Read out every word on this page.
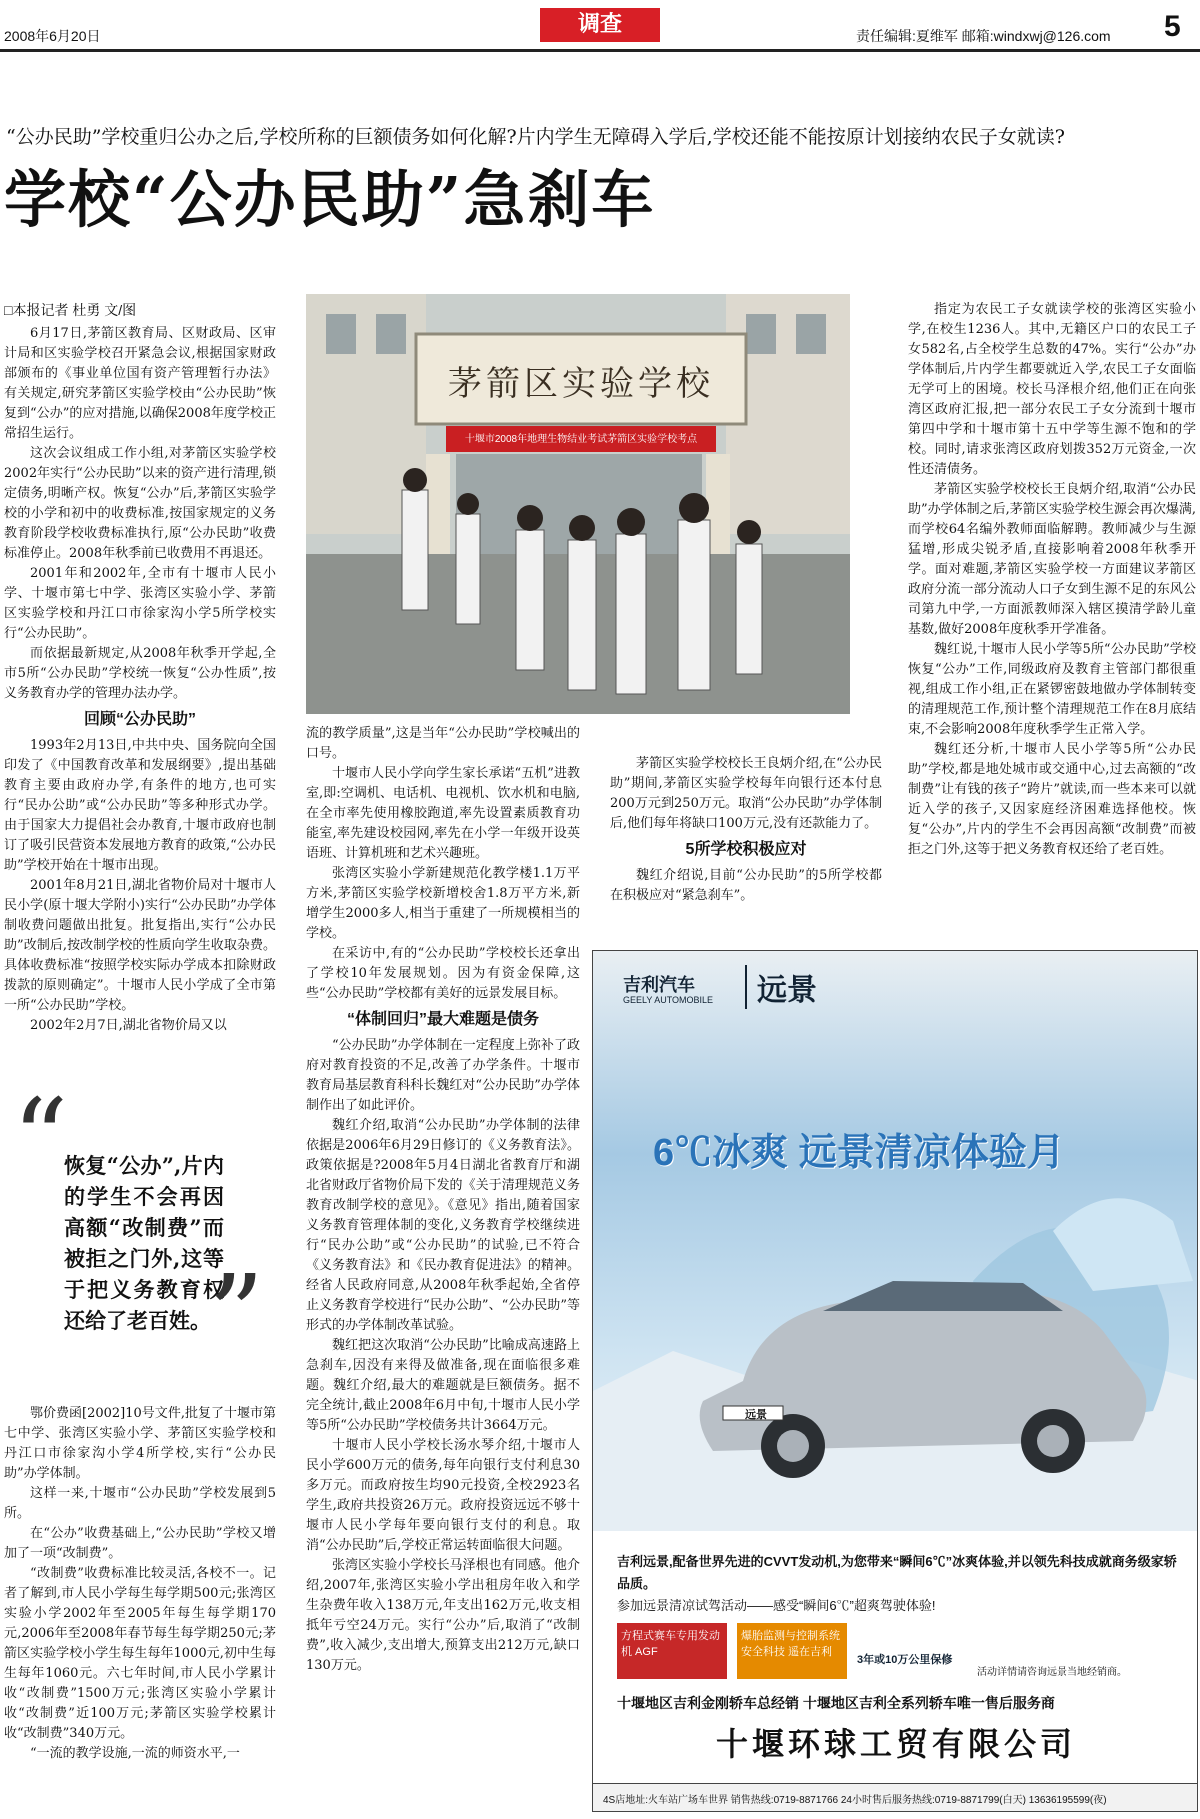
2008年6月20日	调查	责任编辑:夏维军 邮箱:windxwj@126.com 5
“公办民助”学校重归公办之后,学校所称的巨额债务如何化解?片内学生无障碍入学后,学校还能不能按原计划接纳农民子女就读?
学校“公办民助”急刹车

□本报记者 杜勇 文/图

6月17日,茅箭区教育局、区财政局、区审计局和区实验学校召开紧急会议,根据国家财政部颁布的《事业单位国有资产管理暂行办法》有关规定,研究茅箭区实验学校由“公办民助”恢复到“公办”的应对措施,以确保2008年度学校正常招生运行。

这次会议组成工作小组,对茅箭区实验学校2002年实行“公办民助”以来的资产进行清理,锁定债务,明晰产权。恢复“公办”后,茅箭区实验学校的小学和初中的收费标准,按国家规定的义务教育阶段学校收费标准执行,原“公办民助”收费标准停止。2008年秋季前已收费用不再退还。

2001年和2002年,全市有十堰市人民小学、十堰市第七中学、张湾区实验小学、茅箭区实验学校和丹江口市徐家沟小学5所学校实行“公办民助”。

而依据最新规定,从2008年秋季开学起,全市5所“公办民助”学校统一恢复“公办性质”,按义务教育办学的管理办法办学。

回顾“公办民助”

1993年2月13日,中共中央、国务院向全国印发了《中国教育改革和发展纲要》,提出基础教育主要由政府办学,有条件的地方,也可实行“民办公助”或“公办民助”等多种形式办学。由于国家大力提倡社会办教育,十堰市政府也制订了吸引民营资本发展地方教育的政策,“公办民助”学校开始在十堰市出现。

2001年8月21日,湖北省物价局对十堰市人民小学(原十堰大学附小)实行“公办民助”办学体制收费问题做出批复。批复指出,实行“公办民助”改制后,按改制学校的性质向学生收取杂费。具体收费标准“按照学校实际办学成本扣除财政拨款的原则确定”。十堰市人民小学成了全市第一所“公办民助”学校。

2002年2月7日,湖北省物价局又以

“
恢复“公办”,片内的学生不会再因高额“改制费”而被拒之门外,这等于把义务教育权还给了老百姓。
”

鄂价费函[2002]10号文件,批复了十堰市第七中学、张湾区实验小学、茅箭区实验学校和丹江口市徐家沟小学4所学校,实行“公办民助”办学体制。

这样一来,十堰市“公办民助”学校发展到5所。

在“公办”收费基础上,“公办民助”学校又增加了一项“改制费”。

“改制费”收费标准比较灵活,各校不一。记者了解到,市人民小学每生每学期500元;张湾区实验小学2002年至2005年每生每学期170元,2006年至2008年春节每生每学期250元;茅箭区实验学校小学生每生每年1000元,初中生每生每年1060元。六七年时间,市人民小学累计收“改制费”1500万元;张湾区实验小学累计收“改制费”近100万元;茅箭区实验学校累计收“改制费”340万元。

“一流的教学设施,一流的师资水平,一

茅箭区实验学校
十堰市2008年地理生物结业考试茅箭区实验学校考点

流的教学质量”,这是当年“公办民助”学校喊出的口号。

十堰市人民小学向学生家长承诺“五机”进教室,即:空调机、电话机、电视机、饮水机和电脑,在全市率先使用橡胶跑道,率先设置素质教育功能室,率先建设校园网,率先在小学一年级开设英语班、计算机班和艺术兴趣班。

张湾区实验小学新建规范化教学楼1.1万平方米,茅箭区实验学校新增校舍1.8万平方米,新增学生2000多人,相当于重建了一所规模相当的学校。

在采访中,有的“公办民助”学校校长还拿出了学校10年发展规划。因为有资金保障,这些“公办民助”学校都有美好的远景发展目标。

“体制回归”最大难题是债务

“公办民助”办学体制在一定程度上弥补了政府对教育投资的不足,改善了办学条件。十堰市教育局基层教育科科长魏红对“公办民助”办学体制作出了如此评价。

魏红介绍,取消“公办民助”办学体制的法律依据是2006年6月29日修订的《义务教育法》。政策依据是?2008年5月4日湖北省教育厅和湖北省财政厅省物价局下发的《关于清理规范义务教育改制学校的意见》。《意见》指出,随着国家义务教育管理体制的变化,义务教育学校继续进行“民办公助”或“公办民助”的试验,已不符合《义务教育法》和《民办教育促进法》的精神。经省人民政府同意,从2008年秋季起始,全省停止义务教育学校进行“民办公助”、“公办民助”等形式的办学体制改革试验。

魏红把这次取消“公办民助”比喻成高速路上急刹车,因没有来得及做准备,现在面临很多难题。魏红介绍,最大的难题就是巨额债务。据不完全统计,截止2008年6月中旬,十堰市人民小学等5所“公办民助”学校债务共计3664万元。

十堰市人民小学校长汤水琴介绍,十堰市人民小学600万元的债务,每年向银行支付利息30多万元。而政府按生均90元投资,全校2923名学生,政府共投资26万元。政府投资远远不够十堰市人民小学每年要向银行支付的利息。取消“公办民助”后,学校正常运转面临很大问题。

张湾区实验小学校长马泽根也有同感。他介绍,2007年,张湾区实验小学出租房年收入和学生杂费年收入138万元,年支出162万元,收支相抵年亏空24万元。实行“公办”后,取消了“改制费”,收入减少,支出增大,预算支出212万元,缺口130万元。

茅箭区实验学校校长王良炳介绍,在“公办民助”期间,茅箭区实验学校每年向银行还本付息200万元到250万元。取消“公办民助”办学体制后,他们每年将缺口100万元,没有还款能力了。

5所学校积极应对

魏红介绍说,目前“公办民助”的5所学校都在积极应对“紧急刹车”。

指定为农民工子女就读学校的张湾区实验小学,在校生1236人。其中,无籍区户口的农民工子女582名,占全校学生总数的47%。实行“公办”办学体制后,片内学生都要就近入学,农民工子女面临无学可上的困境。校长马泽根介绍,他们正在向张湾区政府汇报,把一部分农民工子女分流到十堰市第四中学和十堰市第十五中学等生源不饱和的学校。同时,请求张湾区政府划拨352万元资金,一次性还清债务。

茅箭区实验学校校长王良炳介绍,取消“公办民助”办学体制之后,茅箭区实验学校生源会再次爆满,而学校64名编外教师面临解聘。教师减少与生源猛增,形成尖锐矛盾,直接影响着2008年秋季开学。面对难题,茅箭区实验学校一方面建议茅箭区政府分流一部分流动人口子女到生源不足的东风公司第九中学,一方面派教师深入辖区摸清学龄儿童基数,做好2008年度秋季开学准备。

魏红说,十堰市人民小学等5所“公办民助”学校恢复“公办”工作,同级政府及教育主管部门都很重视,组成工作小组,正在紧锣密鼓地做办学体制转变的清理规范工作,预计整个清理规范工作在8月底结束,不会影响2008年度秋季学生正常入学。

魏红还分析,十堰市人民小学等5所“公办民助”学校,都是地处城市或交通中心,过去高额的“改制费”让有钱的孩子“跨片”就读,而一些本来可以就近入学的孩子,又因家庭经济困难选择他校。恢复“公办”,片内的学生不会再因高额“改制费”而被拒之门外,这等于把义务教育权还给了老百姓。

吉利汽车
GEELY AUTOMOBILE	远景
6℃冰爽 远景清凉体验月
远景
吉利远景,配备世界先进的CVVT发动机,为您带来“瞬间6℃”冰爽体验,并以领先科技成就商务级家轿品质。
参加远景清凉试驾活动——感受“瞬间6℃”超爽驾驶体验!
方程式赛车专用发动机 AGF
爆胎监测与控制系统 安全科技 遥在吉利
3年或10万公里保修
活动详情请咨询远景当地经销商。
十堰地区吉利金刚轿车总经销 十堰地区吉利全系列轿车唯一售后服务商
十堰环球工贸有限公司
4S店地址:火车站广场车世界 销售热线:0719-8871766 24小时售后服务热线:0719-8871799(白天) 13636195599(夜)
